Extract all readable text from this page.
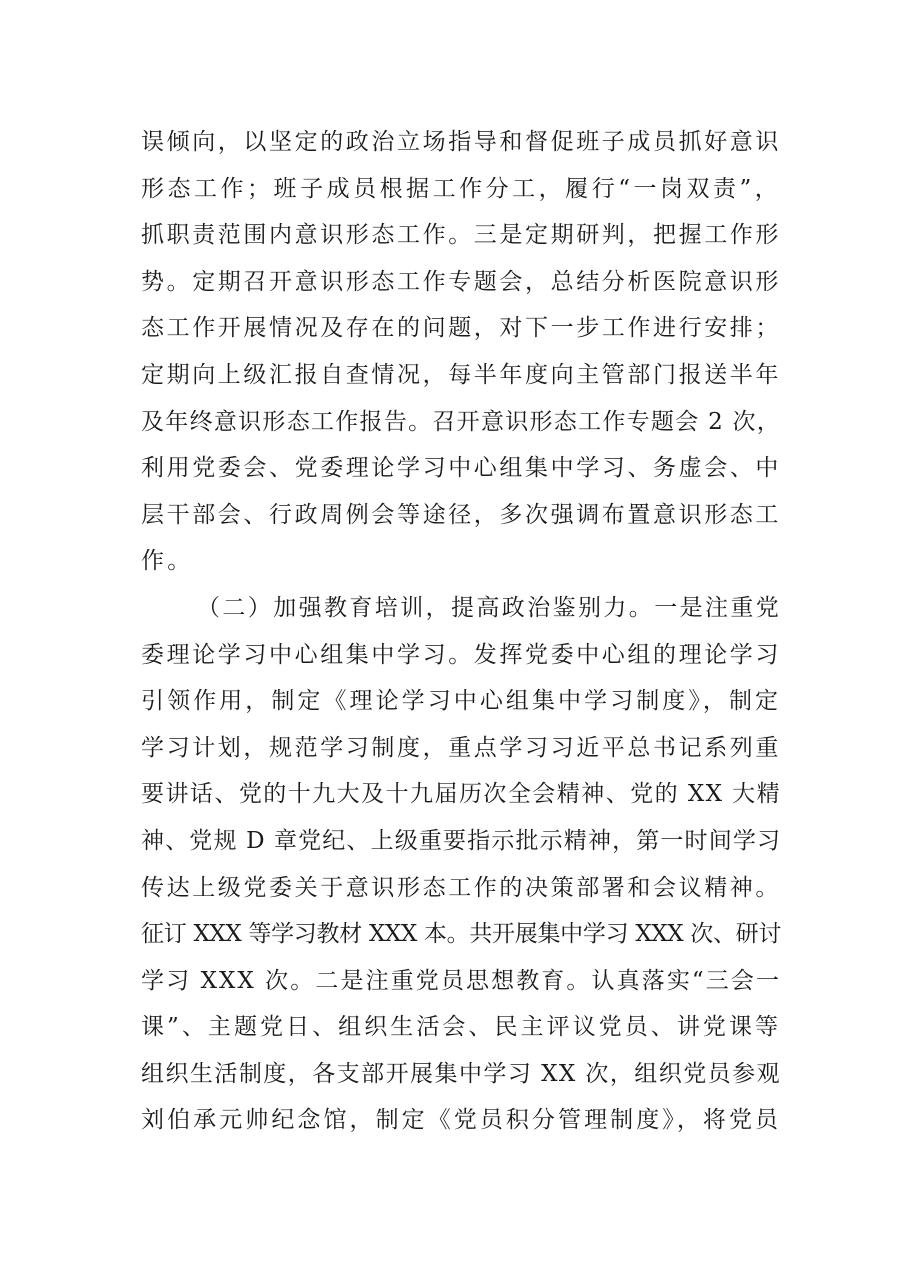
误倾向，以坚定的政治立场指导和督促班子成员抓好意识
形态工作；班子成员根据工作分工，履行“一岗双责”，
抓职责范围内意识形态工作。三是定期研判，把握工作形
势。定期召开意识形态工作专题会，总结分析医院意识形
态工作开展情况及存在的问题，对下一步工作进行安排；
定期向上级汇报自查情况，每半年度向主管部门报送半年
及年终意识形态工作报告。召开意识形态工作专题会 2 次，
利用党委会、党委理论学习中心组集中学习、务虚会、中
层干部会、行政周例会等途径，多次强调布置意识形态工
作。
（二）加强教育培训，提高政治鉴别力。一是注重党
委理论学习中心组集中学习。发挥党委中心组的理论学习
引领作用，制定《理论学习中心组集中学习制度》，制定
学习计划，规范学习制度，重点学习习近平总书记系列重
要讲话、党的十九大及十九届历次全会精神、党的 XX 大精
神、党规 D 章党纪、上级重要指示批示精神，第一时间学习
传达上级党委关于意识形态工作的决策部署和会议精神。
征订 XXX 等学习教材 XXX 本。共开展集中学习 XXX 次、研讨
学习 XXX 次。二是注重党员思想教育。认真落实“三会一
课”、主题党日、组织生活会、民主评议党员、讲党课等
组织生活制度，各支部开展集中学习 XX 次，组织党员参观
刘伯承元帅纪念馆，制定《党员积分管理制度》，将党员
